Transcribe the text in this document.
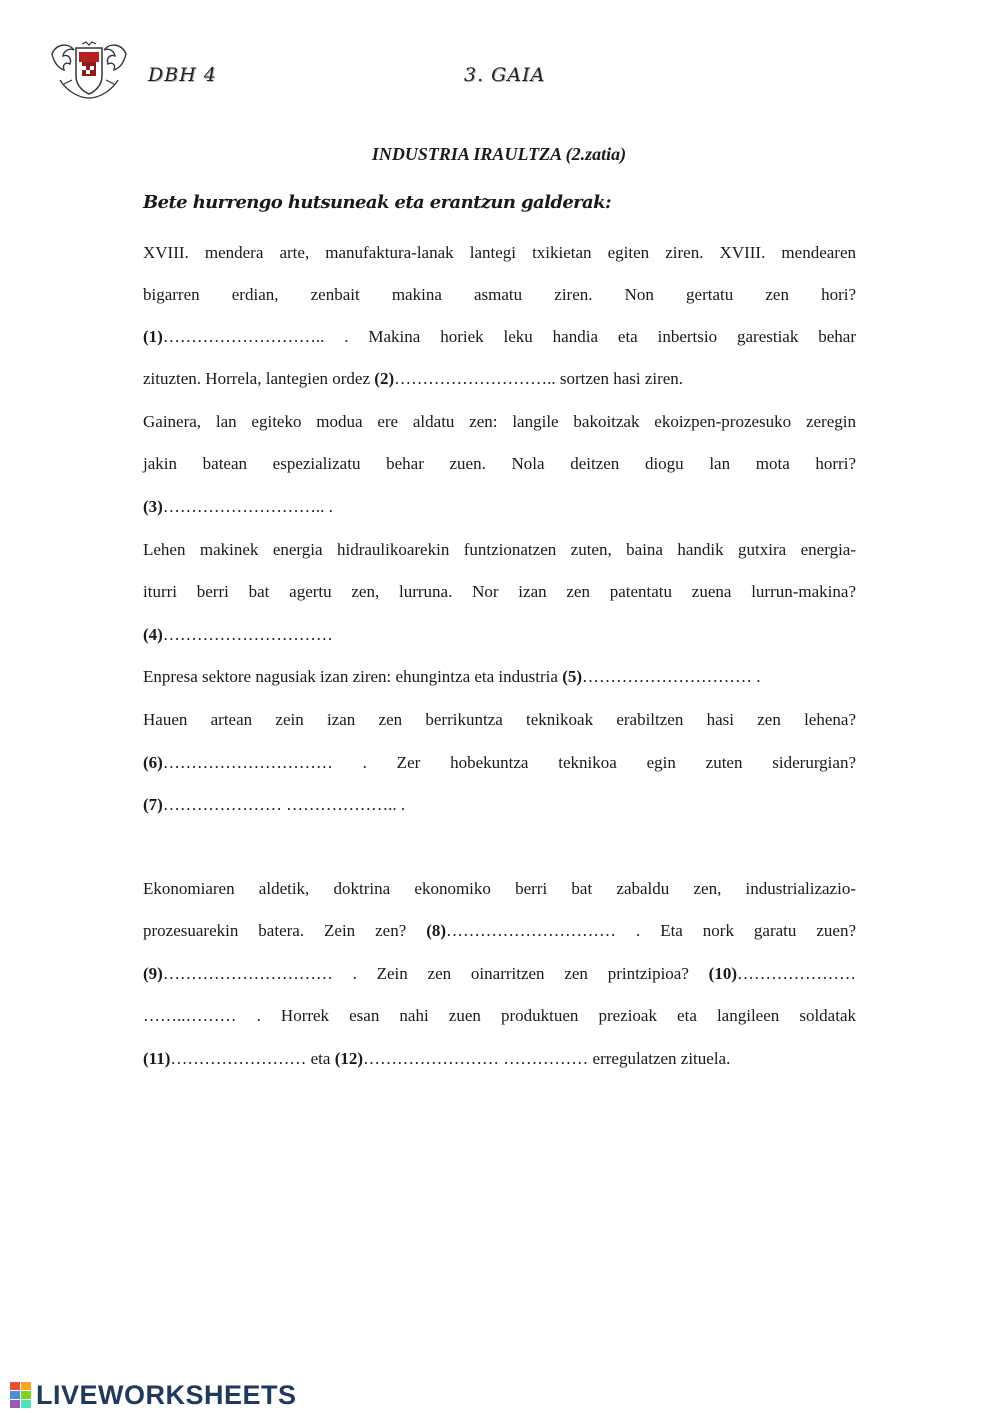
DBH 4	3. GAIA
INDUSTRIA IRAULTZA (2.zatia)
Bete hurrengo hutsuneak eta erantzun galderak:
XVIII. mendera arte, manufaktura-lanak lantegi txikietan egiten ziren. XVIII. mendearen
bigarren erdian, zenbait makina asmatu ziren. Non gertatu zen hori?
(1)……………………….. . Makina horiek leku handia eta inbertsio garestiak behar
zituzten. Horrela, lantegien ordez (2)……………………….. sortzen hasi ziren.
Gainera, lan egiteko modua ere aldatu zen: langile bakoitzak ekoizpen-prozesuko zeregin
jakin batean espezializatu behar zuen. Nola deitzen diogu lan mota horri?
(3)……………………….. .
Lehen makinek energia hidraulikoarekin funtzionatzen zuten, baina handik gutxira energia-
iturri berri bat agertu zen, lurruna. Nor izan zen patentatu zuena lurrun-makina?
(4)…………………………
Enpresa sektore nagusiak izan ziren: ehungintza eta industria (5)………………………… .
Hauen artean zein izan zen berrikuntza teknikoak erabiltzen hasi zen lehena?
(6)………………………… . Zer hobekuntza teknikoa egin zuten siderurgian?
(7)………………… ……………….. .
Ekonomiaren aldetik, doktrina ekonomiko berri bat zabaldu zen, industrializazio-
prozesuarekin batera. Zein zen? (8)………………………… . Eta nork garatu zuen?
(9)………………………… . Zein zen oinarritzen zen printzipioa? (10)…………………
……..……… . Horrek esan nahi zuen produktuen prezioak eta langileen soldatak
(11)…………………… eta (12)…………………… …………… erregulatzen zituela.
LIVEWORKSHEETS
